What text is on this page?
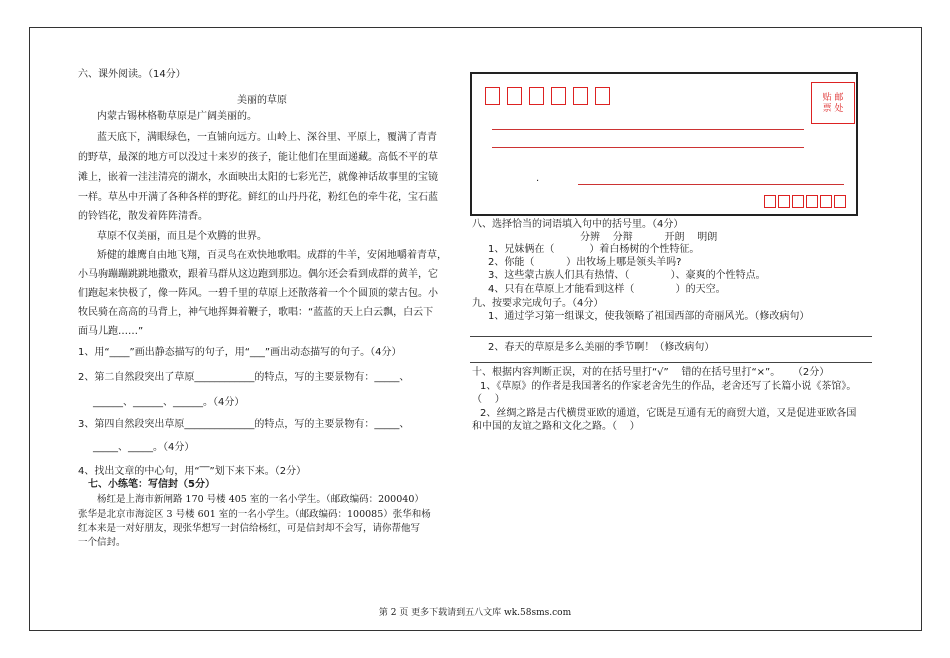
六、课外阅读。（14分）
美丽的草原
内蒙古锡林格勒草原是广阔美丽的。
蓝天底下，满眼绿色，一直铺向远方。山岭上、深谷里、平原上，覆满了青青
的野草，最深的地方可以没过十来岁的孩子，能让他们在里面递藏。高低不平的草
滩上，嵌着一洼洼清亮的湖水，水面映出太阳的七彩光芒，就像神话故事里的宝镜
一样。草丛中开满了各种各样的野花。鲜红的山丹丹花，粉红色的牵牛花，宝石蓝
的铃铛花，散发着阵阵清香。
草原不仅美丽，而且是个欢腾的世界。
矫健的雄鹰自由地飞翔，百灵鸟在欢快地歌唱。成群的牛羊，安闲地嚼着青草，
小马驹蹦蹦跳跳地撒欢，跟着马群从这边跑到那边。偶尔还会看到成群的黄羊，它
们跑起来快极了，像一阵风。一碧千里的草原上还散落着一个个圆顶的蒙古包。小
牧民骑在高高的马背上，神气地挥舞着鞭子，歌唱：“蓝蓝的天上白云飘，白云下
面马儿跑……”
1、用“____”画出静态描写的句子，用“___”画出动态描写的句子。（4分）
2、第二自然段突出了草原____________的特点，写的主要景物有：_____、
______、______、______。（4分）
3、第四自然段突出草原______________的特点，写的主要景物有：_____、
_____、_____。（4分）
4、找出文章的中心句，用“‾‾”划下来下来。（2分）
七、小练笔：写信封（5分）
杨红是上海市新闸路 170 号楼 405 室的一名小学生。（邮政编码：200040）
张华是北京市海淀区 3 号楼 601 室的一名小学生。（邮政编码：100085）张华和杨
红本来是一对好朋友，现张华想写一封信给杨红，可是信封却不会写，请你帮他写
一个信封。
贴 邮
票 处
.
八、选择恰当的词语填入句中的括号里。（4分）
分辨    分辩          开朗    明朗
1、兄妹俩在（           ）着白杨树的个性特征。
2、你能（          ）出牧场上哪是领头羊吗?
3、这些蒙古族人们具有热情、（             ）、豪爽的个性特点。
4、只有在草原上才能看到这样（             ）的天空。
九、按要求完成句子。（4分）
1、通过学习第一组课文，使我领略了祖国西部的奇丽风光。（修改病句）
2、春天的草原是多么美丽的季节啊！（修改病句）
十、根据内容判断正误，对的在括号里打“√”    错的在括号里打“×”。    （2分）
1、《草原》的作者是我国著名的作家老舍先生的作品，老舍还写了长篇小说《茶馆》。
（    ）
2、丝绸之路是古代横贯亚欧的通道，它既是互通有无的商贸大道，又是促进亚欧各国
和中国的友谊之路和文化之路。（    ）
第 2 页 更多下载请到五八文库 wk.58sms.com
